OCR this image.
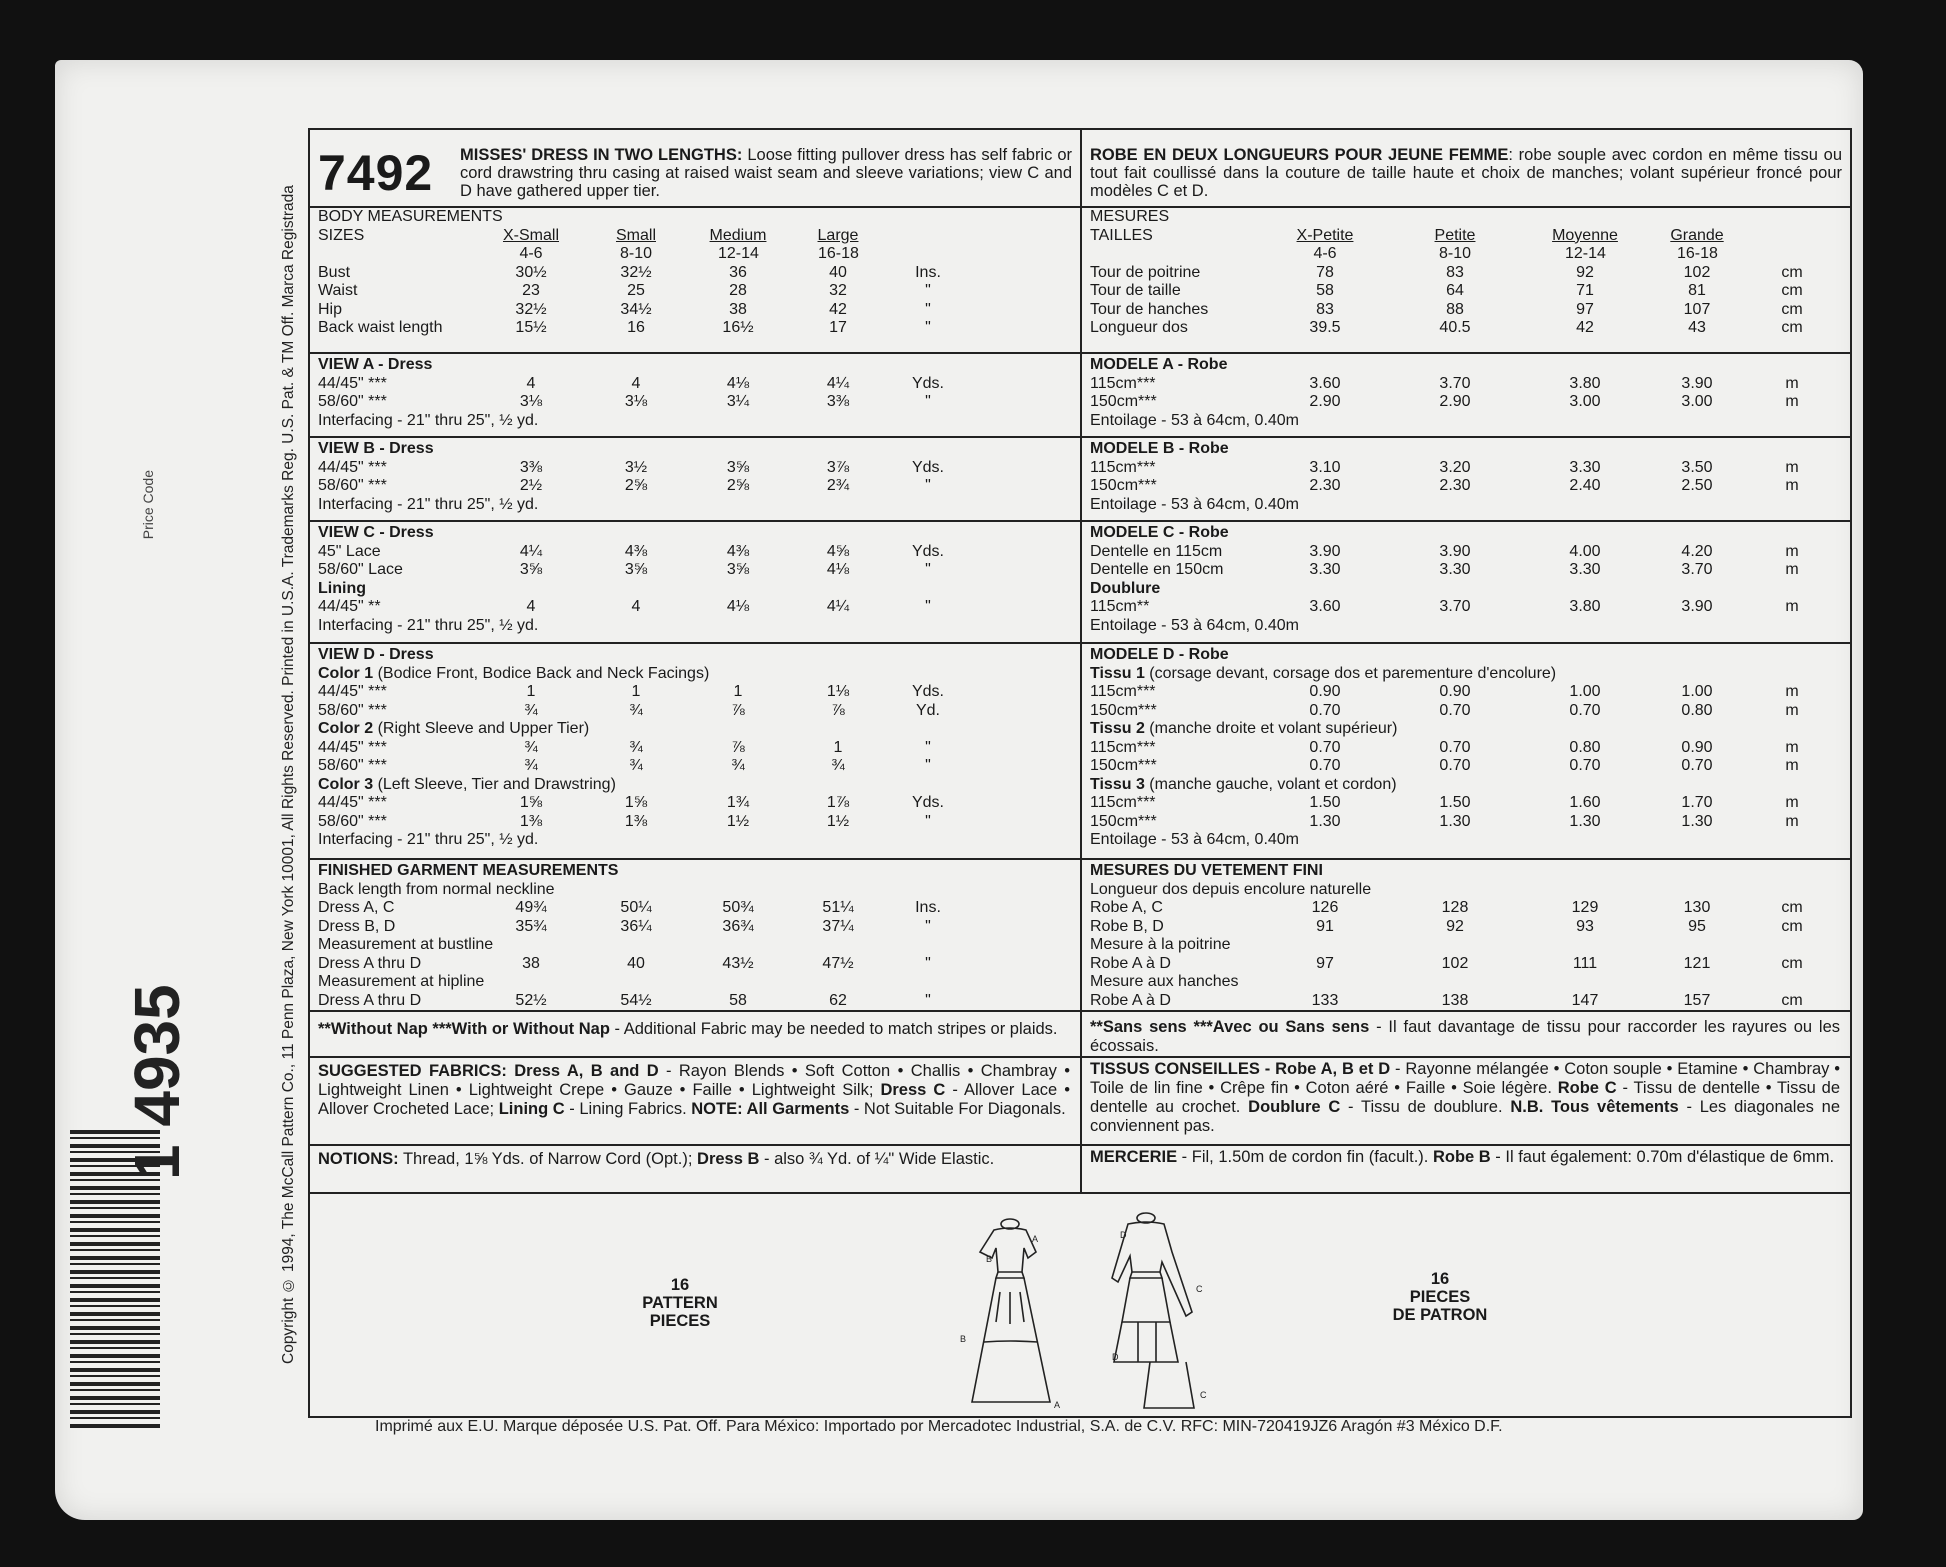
​1 4935
Price Code	Copyright © 1994, The McCall Pattern Co., 11 Penn Plaza, New York 10001, All Rights Reserved. Printed in U.S.A. Trademarks Reg. U.S. Pat. & TM Off. Marca Registrada
7492 MISSES' DRESS IN TWO LENGTHS: Loose fitting pullover dress has self fabric or cord drawstring thru casing at raised waist seam and sleeve variations; view C and D have gathered upper tier.
BODY MEASUREMENTS
SIZES	X-Small	Small	Medium	Large
4-6	8-10	12-14	16-18
Bust	30½	32½	36	40	Ins.
Waist	23	25	28	32	"
Hip	32½	34½	38	42	"
Back waist length	15½	16	16½	17	"
VIEW A - Dress
44/45" ***	4	4	4⅛	4¼	Yds.
58/60" ***	3⅛	3⅛	3¼	3⅜	"
Interfacing - 21" thru 25", ½ yd.
VIEW B - Dress
44/45" ***	3⅜	3½	3⅝	3⅞	Yds.
58/60" ***	2½	2⅝	2⅝	2¾	"
Interfacing - 21" thru 25", ½ yd.
VIEW C - Dress
45" Lace	4¼	4⅜	4⅜	4⅝	Yds.
58/60" Lace	3⅝	3⅝	3⅝	4⅛	"
Lining
44/45" **	4	4	4⅛	4¼	"
Interfacing - 21" thru 25", ½ yd.
VIEW D - Dress
Color 1 (Bodice Front, Bodice Back and Neck Facings)
44/45" ***	1	1	1	1⅛	Yds.
58/60" ***	¾	¾	⅞	⅞	Yd.
Color 2 (Right Sleeve and Upper Tier)
44/45" ***	¾	¾	⅞	1	"
58/60" ***	¾	¾	¾	¾	"
Color 3 (Left Sleeve, Tier and Drawstring)
44/45" ***	1⅝	1⅝	1¾	1⅞	Yds.
58/60" ***	1⅜	1⅜	1½	1½	"
Interfacing - 21" thru 25", ½ yd.
FINISHED GARMENT MEASUREMENTS
Back length from normal neckline
Dress A, C	49¾	50¼	50¾	51¼	Ins.
Dress B, D	35¾	36¼	36¾	37¼	"
Measurement at bustline
Dress A thru D	38	40	43½	47½	"
Measurement at hipline
Dress A thru D	52½	54½	58	62	"
ROBE EN DEUX LONGUEURS POUR JEUNE FEMME: robe souple avec cordon en même tissu ou tout fait coullissé dans la couture de taille haute et choix de manches; volant supérieur froncé pour modèles C et D.
MESURES
TAILLES	X-Petite	Petite	Moyenne	Grande
4-6	8-10	12-14	16-18
Tour de poitrine	78	83	92	102	cm
Tour de taille	58	64	71	81	cm
Tour de hanches	83	88	97	107	cm
Longueur dos	39.5	40.5	42	43	cm
MODELE A - Robe
115cm***	3.60	3.70	3.80	3.90	m
150cm***	2.90	2.90	3.00	3.00	m
Entoilage - 53 à 64cm, 0.40m
MODELE B - Robe
115cm***	3.10	3.20	3.30	3.50	m
150cm***	2.30	2.30	2.40	2.50	m
Entoilage - 53 à 64cm, 0.40m
MODELE C - Robe
Dentelle en 115cm	3.90	3.90	4.00	4.20	m
Dentelle en 150cm	3.30	3.30	3.30	3.70	m
Doublure
115cm**	3.60	3.70	3.80	3.90	m
Entoilage - 53 à 64cm, 0.40m
MODELE D - Robe
Tissu 1 (corsage devant, corsage dos et parementure d'encolure)
115cm***	0.90	0.90	1.00	1.00	m
150cm***	0.70	0.70	0.70	0.80	m
Tissu 2 (manche droite et volant supérieur)
115cm***	0.70	0.70	0.80	0.90	m
150cm***	0.70	0.70	0.70	0.70	m
Tissu 3 (manche gauche, volant et cordon)
115cm***	1.50	1.50	1.60	1.70	m
150cm***	1.30	1.30	1.30	1.30	m
Entoilage - 53 à 64cm, 0.40m
MESURES DU VETEMENT FINI
Longueur dos depuis encolure naturelle
Robe A, C	126	128	129	130	cm
Robe B, D	91	92	93	95	cm
Mesure à la poitrine
Robe A à D	97	102	111	121	cm
Mesure aux hanches
Robe A à D	133	138	147	157	cm
**Without Nap ***With or Without Nap - Additional Fabric may be needed to match stripes or plaids.	**Sans sens ***Avec ou Sans sens - Il faut davantage de tissu pour raccorder les rayures ou les écossais.
SUGGESTED FABRICS: Dress A, B and D - Rayon Blends • Soft Cotton • Challis • Chambray • Lightweight Linen • Lightweight Crepe • Gauze • Faille • Lightweight Silk; Dress C - Allover Lace • Allover Crocheted Lace; Lining C - Lining Fabrics. NOTE: All Garments - Not Suitable For Diagonals.
TISSUS CONSEILLES - Robe A, B et D - Rayonne mélangée • Coton souple • Etamine • Chambray • Toile de lin fine • Crêpe fin • Coton aéré • Faille • Soie légère. Robe C - Tissu de dentelle • Tissu de dentelle au crochet. Doublure C - Tissu de doublure. N.B. Tous vêtements - Les diagonales ne conviennent pas.
NOTIONS: Thread, 1⅝ Yds. of Narrow Cord (Opt.); Dress B - also ¾ Yd. of ¼" Wide Elastic.	MERCERIE - Fil, 1.50m de cordon fin (facult.). Robe B - Il faut également: 0.70m d'élastique de 6mm.
16
PATTERN
PIECES
16
PIECES
DE PATRON
A
B
B
A
D
C
D
C
Imprimé aux E.U. Marque déposée U.S. Pat. Off. Para México: Importado por Mercadotec Industrial, S.A. de C.V. RFC: MIN-720419JZ6 Aragón #3 México D.F.
